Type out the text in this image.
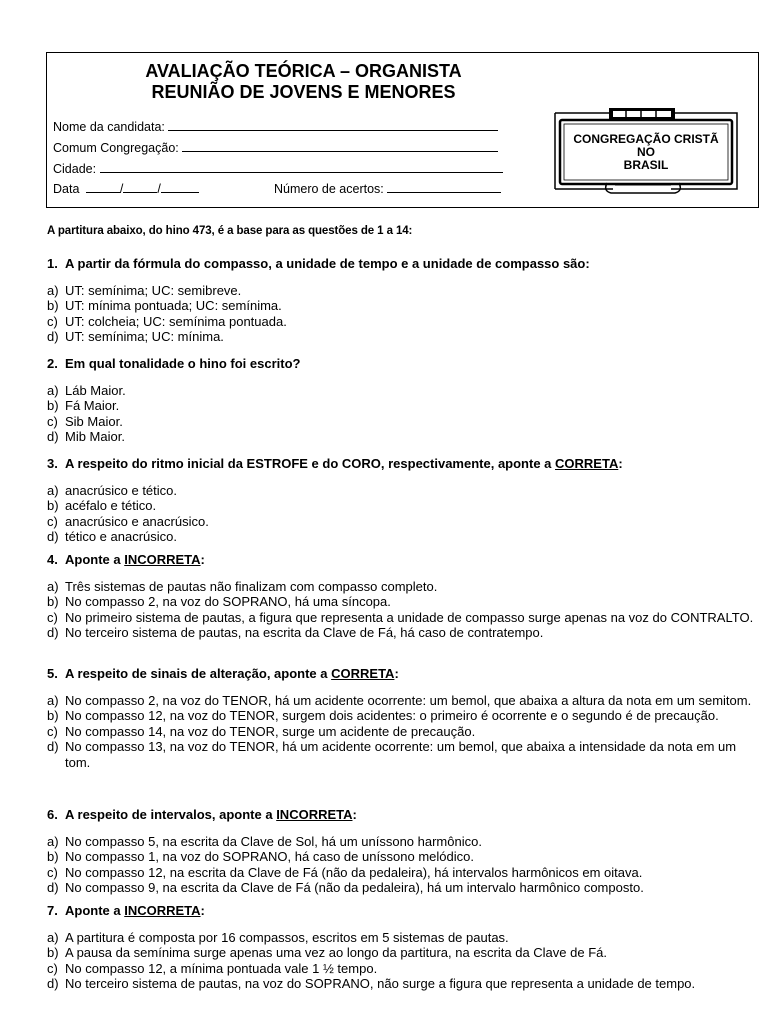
AVALIAÇÃO TEÓRICA – ORGANISTA
REUNIÃO DE JOVENS E MENORES
Nome da candidata:
Comum Congregação:
Cidade:
Data	/	/	Número de acertos:
CONGREGAÇÃO CRISTÃ
NO
BRASIL
A partitura abaixo, do hino 473, é a base para as questões de 1 a 14:
1. A partir da fórmula do compasso, a unidade de tempo e a unidade de compasso são:
a) UT: semínima; UC: semibreve.
b) UT: mínima pontuada; UC: semínima.
c) UT: colcheia; UC: semínima pontuada.
d) UT: semínima; UC: mínima.
2. Em qual tonalidade o hino foi escrito?
a) Láb Maior.
b) Fá Maior.
c) Sib Maior.
d) Mib Maior.
3. A respeito do ritmo inicial da ESTROFE e do CORO, respectivamente, aponte a CORRETA:
a) anacrúsico e tético.
b) acéfalo e tético.
c) anacrúsico e anacrúsico.
d) tético e anacrúsico.
4. Aponte a INCORRETA:
a) Três sistemas de pautas não finalizam com compasso completo.
b) No compasso 2, na voz do SOPRANO, há uma síncopa.
c) No primeiro sistema de pautas, a figura que representa a unidade de compasso surge apenas na voz do CONTRALTO.
d) No terceiro sistema de pautas, na escrita da Clave de Fá, há caso de contratempo.
5. A respeito de sinais de alteração, aponte a CORRETA:
a) No compasso 2, na voz do TENOR, há um acidente ocorrente: um bemol, que abaixa a altura da nota em um semitom.
b) No compasso 12, na voz do TENOR, surgem dois acidentes: o primeiro é ocorrente e o segundo é de precaução.
c) No compasso 14, na voz do TENOR, surge um acidente de precaução.
d) No compasso 13, na voz do TENOR, há um acidente ocorrente: um bemol, que abaixa a intensidade da nota em um tom.
6. A respeito de intervalos, aponte a INCORRETA:
a) No compasso 5, na escrita da Clave de Sol, há um uníssono harmônico.
b) No compasso 1, na voz do SOPRANO, há caso de uníssono melódico.
c) No compasso 12, na escrita da Clave de Fá (não da pedaleira), há intervalos harmônicos em oitava.
d) No compasso 9, na escrita da Clave de Fá (não da pedaleira), há um intervalo harmônico composto.
7. Aponte a INCORRETA:
a) A partitura é composta por 16 compassos, escritos em 5 sistemas de pautas.
b) A pausa da semínima surge apenas uma vez ao longo da partitura, na escrita da Clave de Fá.
c) No compasso 12, a mínima pontuada vale 1 ½ tempo.
d) No terceiro sistema de pautas, na voz do SOPRANO, não surge a figura que representa a unidade de tempo.
